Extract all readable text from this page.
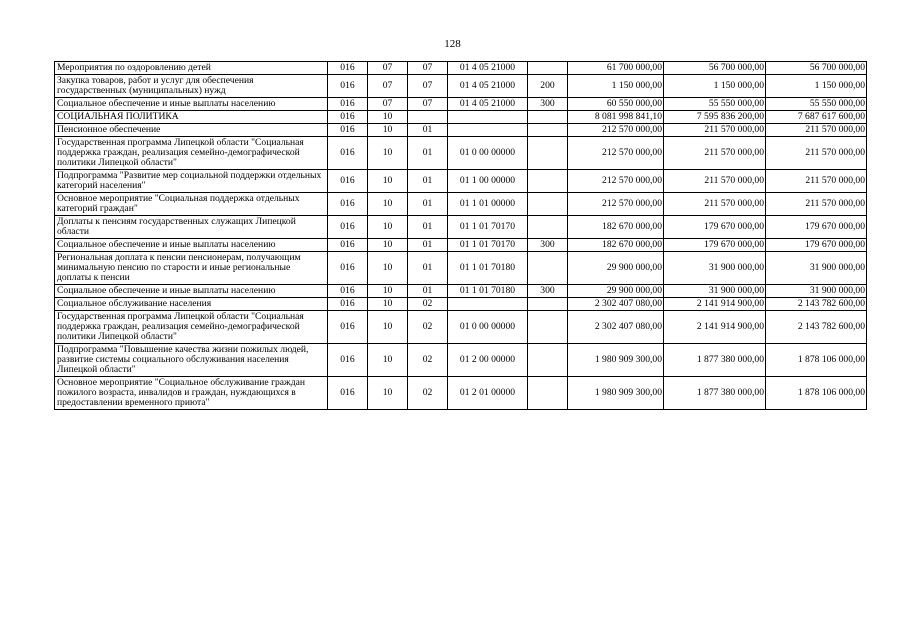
128
Мероприятия по оздоровлению детей	016	07	07	01 4 05 21000		61 700 000,00	56 700 000,00	56 700 000,00
Закупка товаров, работ и услуг для обеспечения государственных (муниципальных) нужд	016	07	07	01 4 05 21000	200	1 150 000,00	1 150 000,00	1 150 000,00
Социальное обеспечение и иные выплаты населению	016	07	07	01 4 05 21000	300	60 550 000,00	55 550 000,00	55 550 000,00
СОЦИАЛЬНАЯ ПОЛИТИКА	016	10				8 081 998 841,10	7 595 836 200,00	7 687 617 600,00
Пенсионное обеспечение	016	10	01			212 570 000,00	211 570 000,00	211 570 000,00
Государственная программа Липецкой области "Социальная поддержка граждан, реализация семейно-демографической политики Липецкой области"	016	10	01	01 0 00 00000		212 570 000,00	211 570 000,00	211 570 000,00
Подпрограмма "Развитие мер социальной поддержки отдельных категорий населения"	016	10	01	01 1 00 00000		212 570 000,00	211 570 000,00	211 570 000,00
Основное мероприятие "Социальная поддержка отдельных категорий граждан"	016	10	01	01 1 01 00000		212 570 000,00	211 570 000,00	211 570 000,00
Доплаты к пенсиям государственных служащих Липецкой области	016	10	01	01 1 01 70170		182 670 000,00	179 670 000,00	179 670 000,00
Социальное обеспечение и иные выплаты населению	016	10	01	01 1 01 70170	300	182 670 000,00	179 670 000,00	179 670 000,00
Региональная доплата к пенсии пенсионерам, получающим минимальную пенсию по старости и иные региональные доплаты к пенсии	016	10	01	01 1 01 70180		29 900 000,00	31 900 000,00	31 900 000,00
Социальное обеспечение и иные выплаты населению	016	10	01	01 1 01 70180	300	29 900 000,00	31 900 000,00	31 900 000,00
Социальное обслуживание населения	016	10	02			2 302 407 080,00	2 141 914 900,00	2 143 782 600,00
Государственная программа Липецкой области "Социальная поддержка граждан, реализация семейно-демографической политики Липецкой области"	016	10	02	01 0 00 00000		2 302 407 080,00	2 141 914 900,00	2 143 782 600,00
Подпрограмма "Повышение качества жизни пожилых людей, развитие системы социального обслуживания населения Липецкой области"	016	10	02	01 2 00 00000		1 980 909 300,00	1 877 380 000,00	1 878 106 000,00
Основное мероприятие "Социальное обслуживание граждан пожилого возраста, инвалидов и граждан, нуждающихся в предоставлении временного приюта"	016	10	02	01 2 01 00000		1 980 909 300,00	1 877 380 000,00	1 878 106 000,00
